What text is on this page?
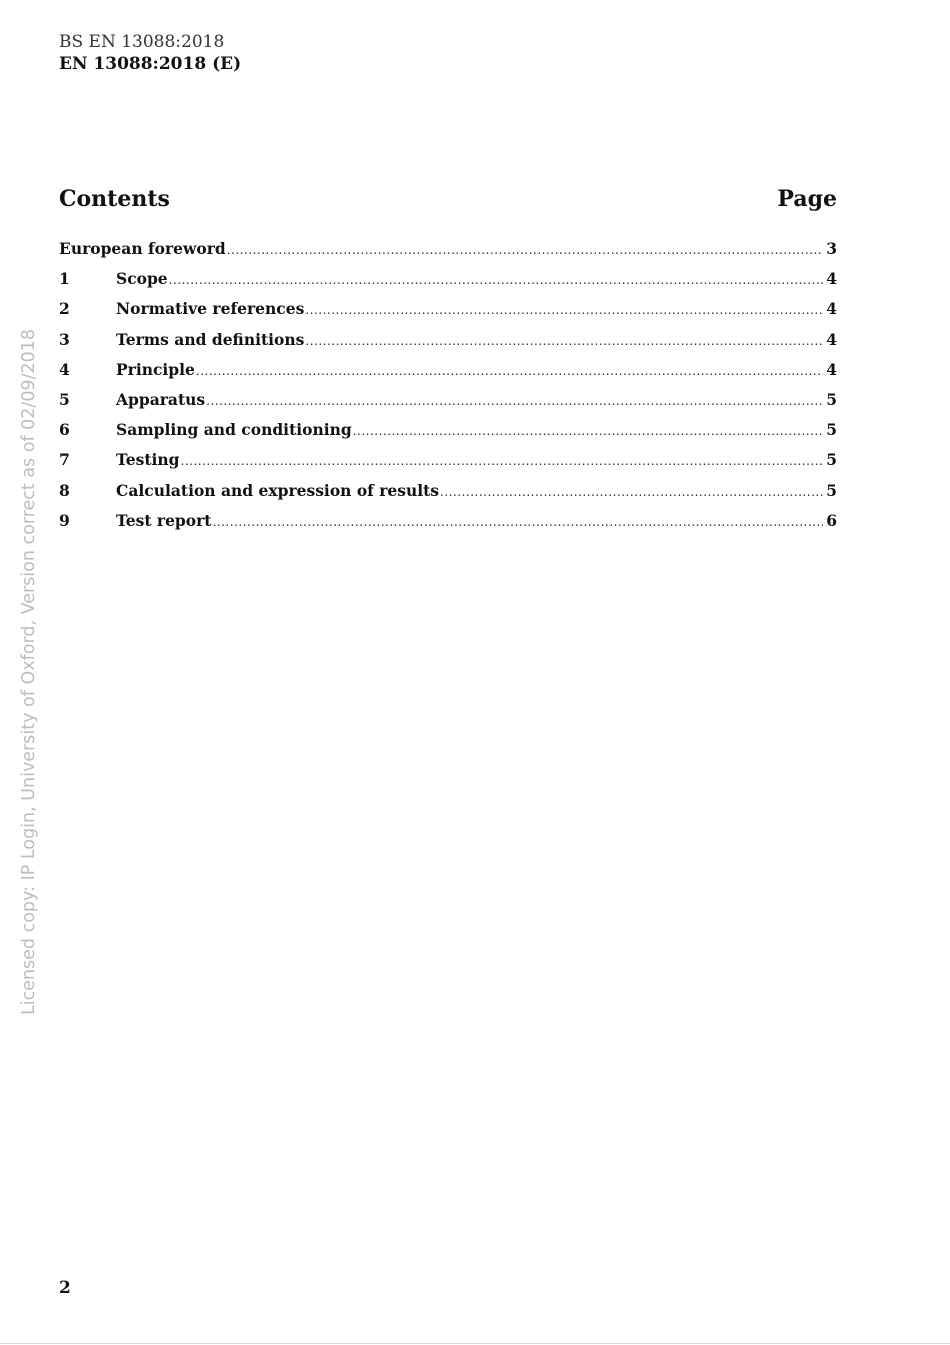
BS EN 13088:2018
EN 13088:2018 (E)
Contents	Page
European foreword .....	3
1	Scope .....	4
2	Normative references .....	4
3	Terms and definitions .....	4
4	Principle .....	4
5	Apparatus .....	5
6	Sampling and conditioning .....	5
7	Testing .....	5
8	Calculation and expression of results .....	5
9	Test report .....	6
Licensed copy: IP Login, University of Oxford, Version correct as of 02/09/2018
2
